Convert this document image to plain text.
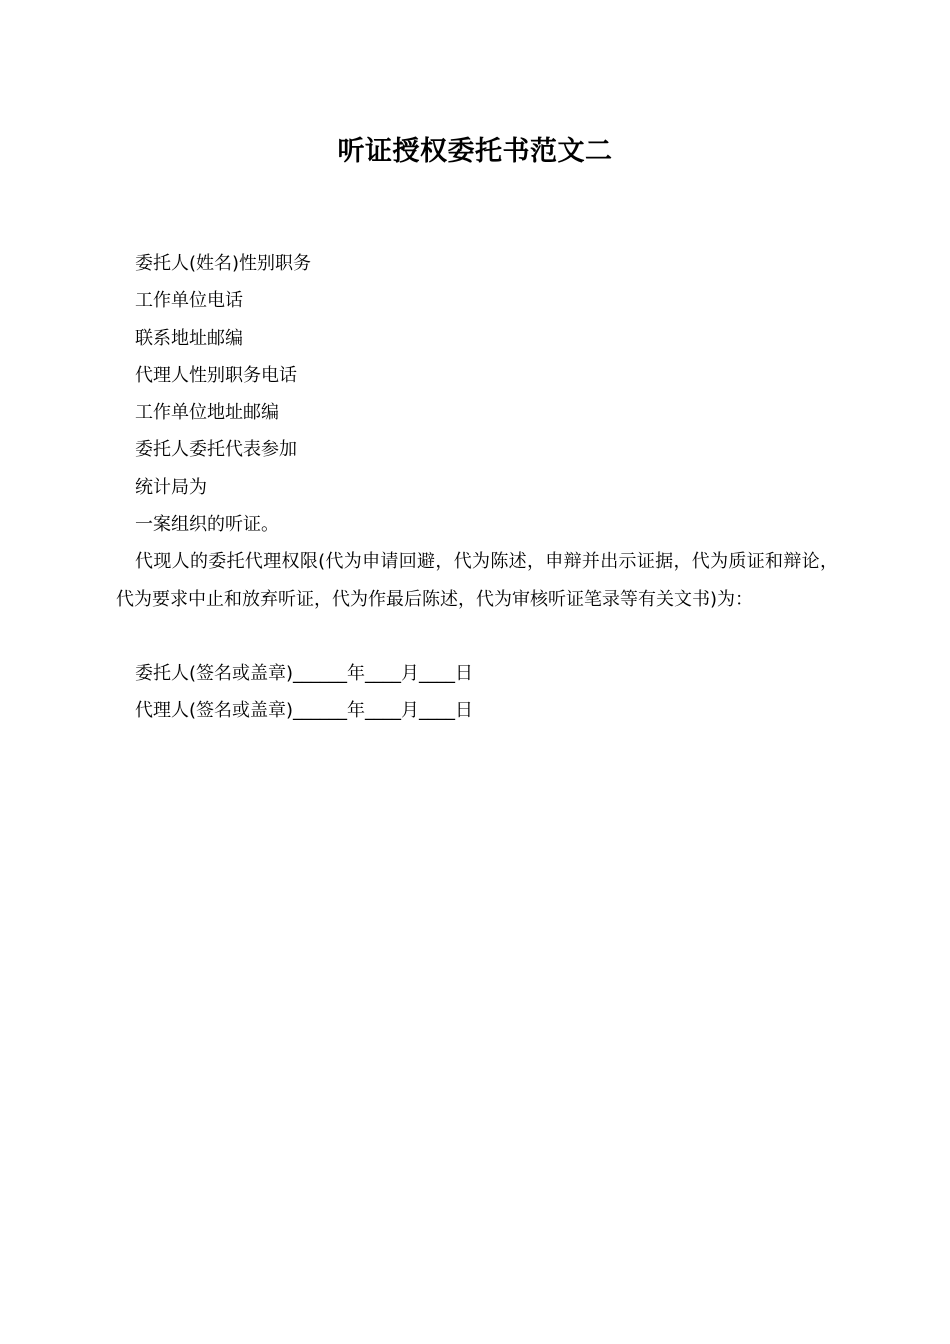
听证授权委托书范文二

委托人(姓名)性别职务

工作单位电话

联系地址邮编

代理人性别职务电话

工作单位地址邮编

委托人委托代表参加

统计局为

一案组织的听证。

代现人的委托代理权限(代为申请回避，代为陈述，申辩并出示证据，代为质证和辩论，代为要求中止和放弃听证，代为作最后陈述，代为审核听证笔录等有关文书)为：

委托人(签名或盖章)______年____月____日

代理人(签名或盖章)______年____月____日
